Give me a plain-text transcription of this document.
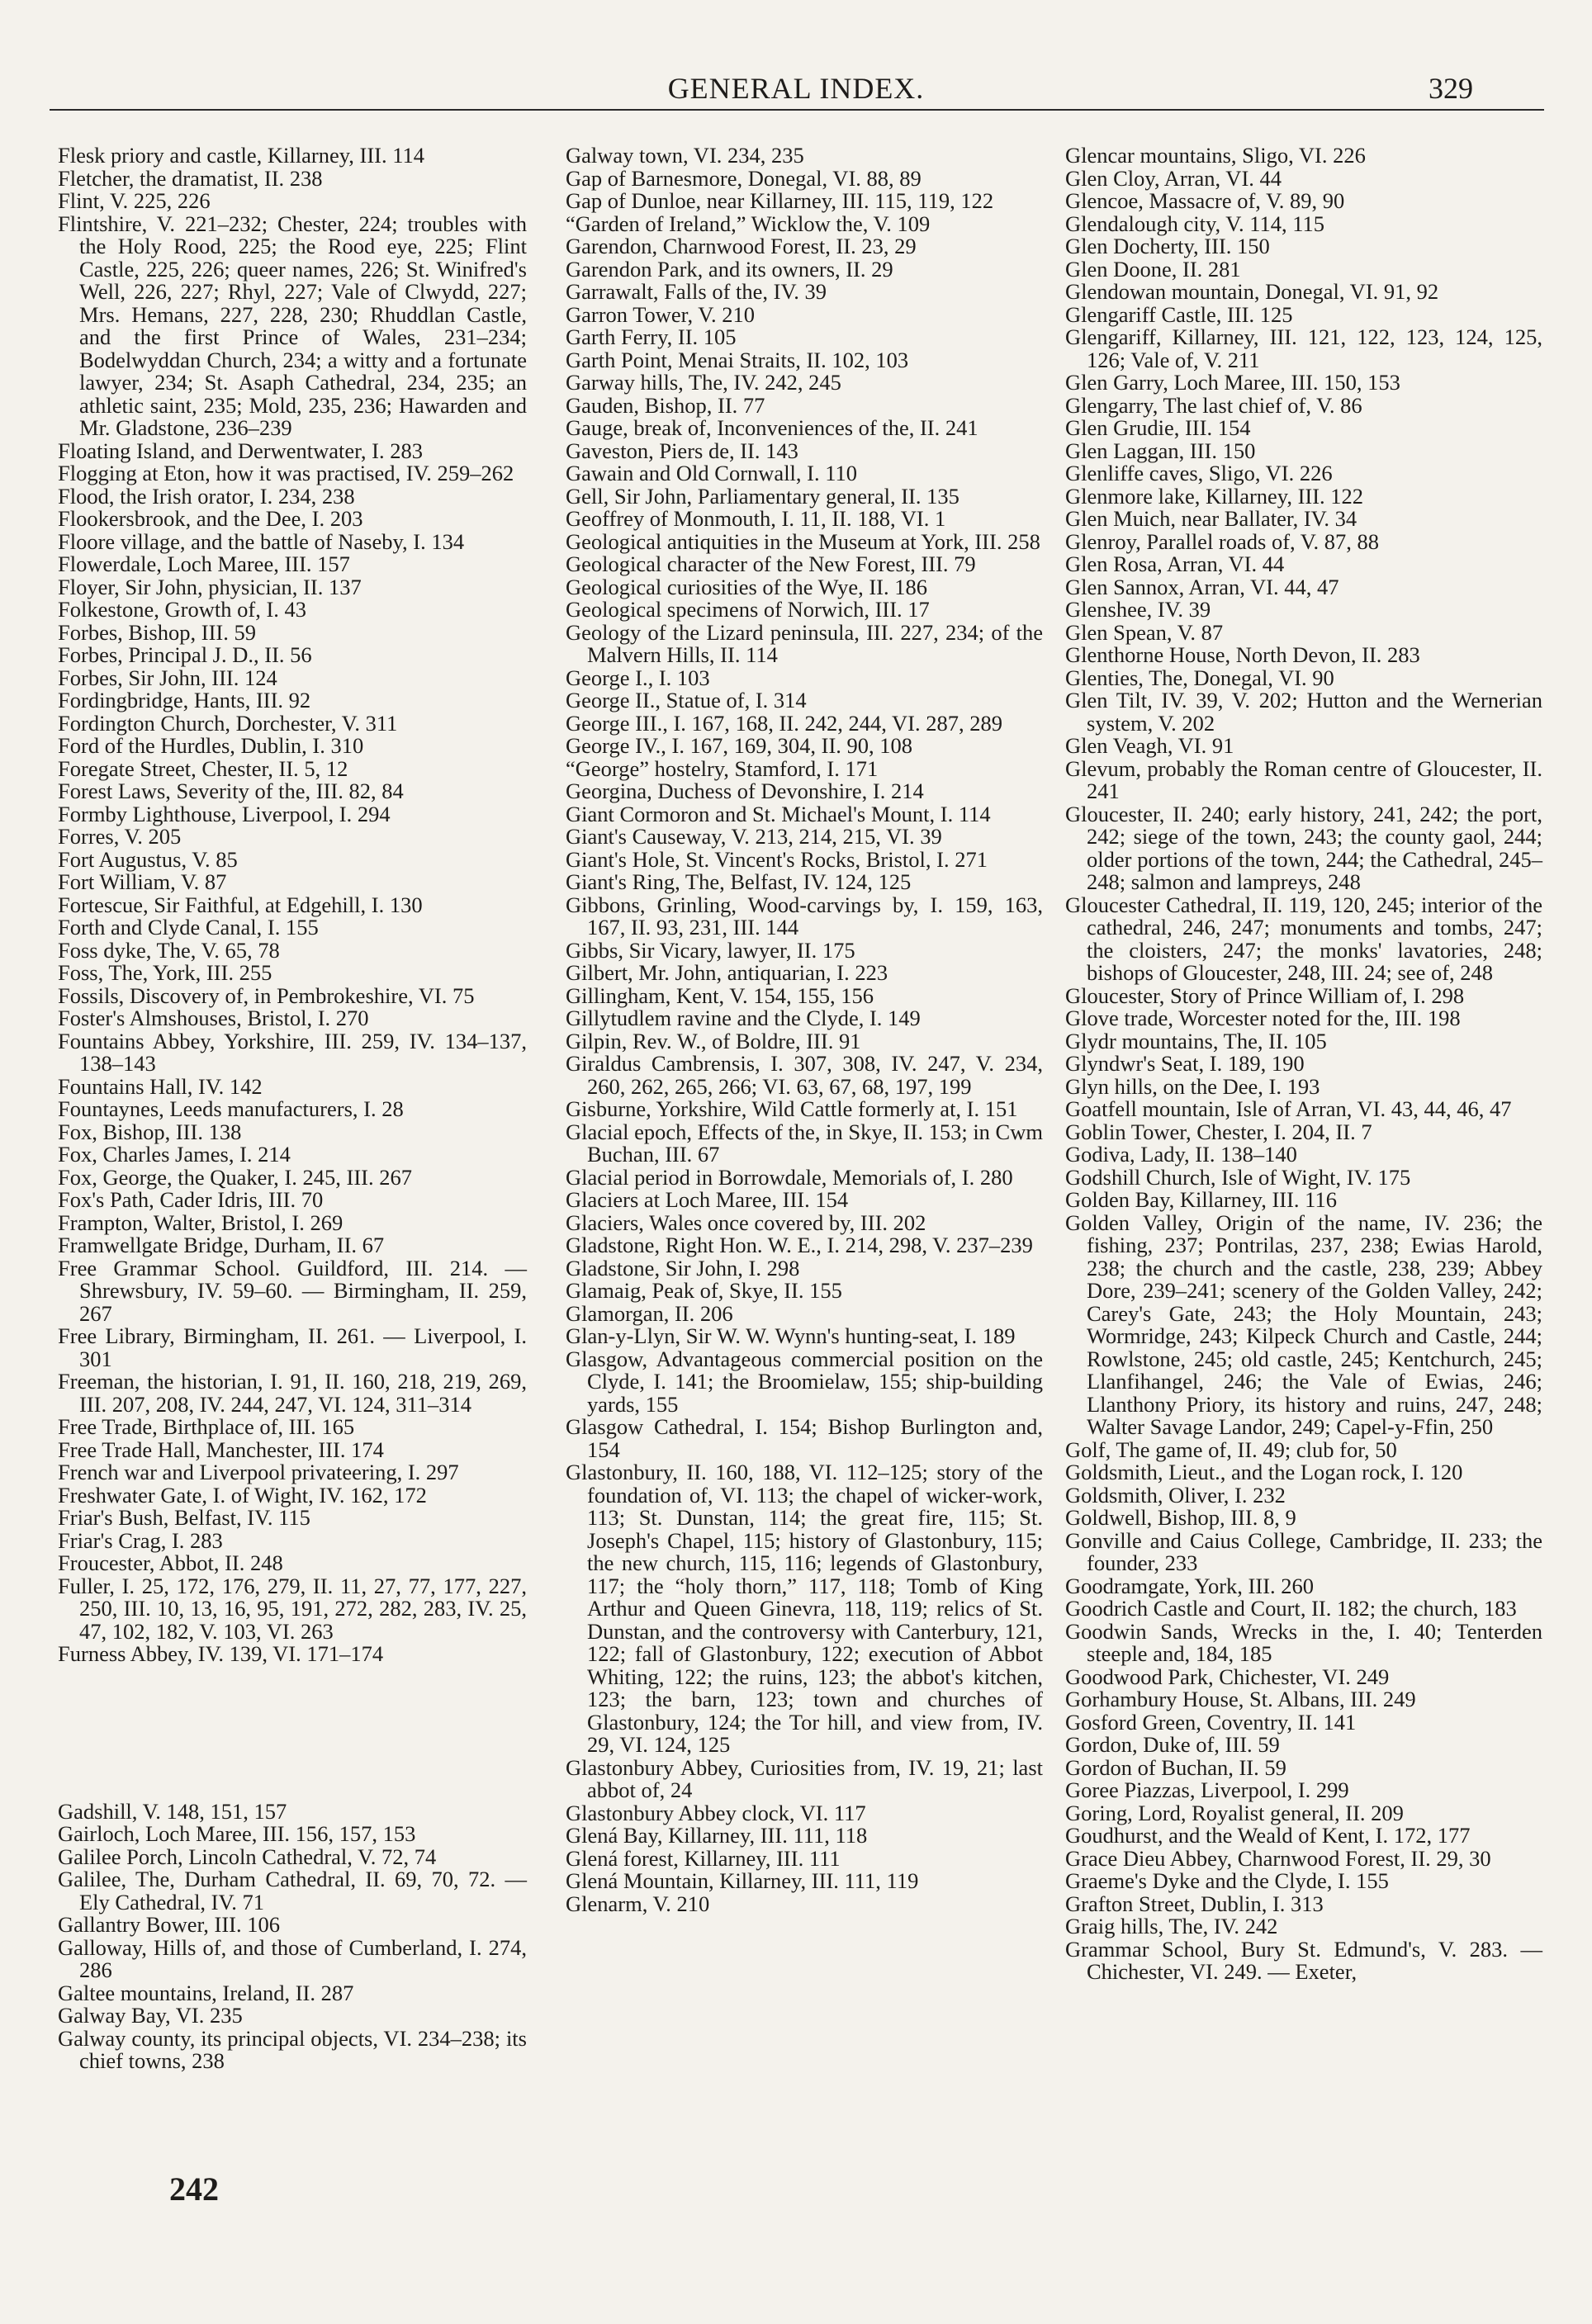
GENERAL INDEX.	329

Flesk priory and castle, Killarney, III. 114

Fletcher, the dramatist, II. 238

Flint, V. 225, 226

Flintshire, V. 221–232; Chester, 224; troubles with the Holy Rood, 225; the Rood eye, 225; Flint Castle, 225, 226; queer names, 226; St. Winifred's Well, 226, 227; Rhyl, 227; Vale of Clwydd, 227; Mrs. Hemans, 227, 228, 230; Rhuddlan Castle, and the first Prince of Wales, 231–234; Bodelwyddan Church, 234; a witty and a fortunate lawyer, 234; St. Asaph Cathedral, 234, 235; an athletic saint, 235; Mold, 235, 236; Hawarden and Mr. Gladstone, 236–239

Floating Island, and Derwentwater, I. 283

Flogging at Eton, how it was practised, IV. 259–262

Flood, the Irish orator, I. 234, 238

Flookersbrook, and the Dee, I. 203

Floore village, and the battle of Naseby, I. 134

Flowerdale, Loch Maree, III. 157

Floyer, Sir John, physician, II. 137

Folkestone, Growth of, I. 43

Forbes, Bishop, III. 59

Forbes, Principal J. D., II. 56

Forbes, Sir John, III. 124

Fordingbridge, Hants, III. 92

Fordington Church, Dorchester, V. 311

Ford of the Hurdles, Dublin, I. 310

Foregate Street, Chester, II. 5, 12

Forest Laws, Severity of the, III. 82, 84

Formby Lighthouse, Liverpool, I. 294

Forres, V. 205

Fort Augustus, V. 85

Fort William, V. 87

Fortescue, Sir Faithful, at Edgehill, I. 130

Forth and Clyde Canal, I. 155

Foss dyke, The, V. 65, 78

Foss, The, York, III. 255

Fossils, Discovery of, in Pembrokeshire, VI. 75

Foster's Almshouses, Bristol, I. 270

Fountains Abbey, Yorkshire, III. 259, IV. 134–137, 138–143

Fountains Hall, IV. 142

Fountaynes, Leeds manufacturers, I. 28

Fox, Bishop, III. 138

Fox, Charles James, I. 214

Fox, George, the Quaker, I. 245, III. 267

Fox's Path, Cader Idris, III. 70

Frampton, Walter, Bristol, I. 269

Framwellgate Bridge, Durham, II. 67

Free Grammar School. Guildford, III. 214. — Shrewsbury, IV. 59–60. — Birmingham, II. 259, 267

Free Library, Birmingham, II. 261. — Liverpool, I. 301

Freeman, the historian, I. 91, II. 160, 218, 219, 269, III. 207, 208, IV. 244, 247, VI. 124, 311–314

Free Trade, Birthplace of, III. 165

Free Trade Hall, Manchester, III. 174

French war and Liverpool privateering, I. 297

Freshwater Gate, I. of Wight, IV. 162, 172

Friar's Bush, Belfast, IV. 115

Friar's Crag, I. 283

Froucester, Abbot, II. 248

Fuller, I. 25, 172, 176, 279, II. 11, 27, 77, 177, 227, 250, III. 10, 13, 16, 95, 191, 272, 282, 283, IV. 25, 47, 102, 182, V. 103, VI. 263

Furness Abbey, IV. 139, VI. 171–174

Gadshill, V. 148, 151, 157

Gairloch, Loch Maree, III. 156, 157, 153

Galilee Porch, Lincoln Cathedral, V. 72, 74

Galilee, The, Durham Cathedral, II. 69, 70, 72. — Ely Cathedral, IV. 71

Gallantry Bower, III. 106

Galloway, Hills of, and those of Cumberland, I. 274, 286

Galtee mountains, Ireland, II. 287

Galway Bay, VI. 235

Galway county, its principal objects, VI. 234–238; its chief towns, 238

Galway town, VI. 234, 235

Gap of Barnesmore, Donegal, VI. 88, 89

Gap of Dunloe, near Killarney, III. 115, 119, 122

“Garden of Ireland,” Wicklow the, V. 109

Garendon, Charnwood Forest, II. 23, 29

Garendon Park, and its owners, II. 29

Garrawalt, Falls of the, IV. 39

Garron Tower, V. 210

Garth Ferry, II. 105

Garth Point, Menai Straits, II. 102, 103

Garway hills, The, IV. 242, 245

Gauden, Bishop, II. 77

Gauge, break of, Inconveniences of the, II. 241

Gaveston, Piers de, II. 143

Gawain and Old Cornwall, I. 110

Gell, Sir John, Parliamentary general, II. 135

Geoffrey of Monmouth, I. 11, II. 188, VI. 1

Geological antiquities in the Museum at York, III. 258

Geological character of the New Forest, III. 79

Geological curiosities of the Wye, II. 186

Geological specimens of Norwich, III. 17

Geology of the Lizard peninsula, III. 227, 234; of the Malvern Hills, II. 114

George I., I. 103

George II., Statue of, I. 314

George III., I. 167, 168, II. 242, 244, VI. 287, 289

George IV., I. 167, 169, 304, II. 90, 108

“George” hostelry, Stamford, I. 171

Georgina, Duchess of Devonshire, I. 214

Giant Cormoron and St. Michael's Mount, I. 114

Giant's Causeway, V. 213, 214, 215, VI. 39

Giant's Hole, St. Vincent's Rocks, Bristol, I. 271

Giant's Ring, The, Belfast, IV. 124, 125

Gibbons, Grinling, Wood-carvings by, I. 159, 163, 167, II. 93, 231, III. 144

Gibbs, Sir Vicary, lawyer, II. 175

Gilbert, Mr. John, antiquarian, I. 223

Gillingham, Kent, V. 154, 155, 156

Gillytudlem ravine and the Clyde, I. 149

Gilpin, Rev. W., of Boldre, III. 91

Giraldus Cambrensis, I. 307, 308, IV. 247, V. 234, 260, 262, 265, 266; VI. 63, 67, 68, 197, 199

Gisburne, Yorkshire, Wild Cattle formerly at, I. 151

Glacial epoch, Effects of the, in Skye, II. 153; in Cwm Buchan, III. 67

Glacial period in Borrowdale, Memorials of, I. 280

Glaciers at Loch Maree, III. 154

Glaciers, Wales once covered by, III. 202

Gladstone, Right Hon. W. E., I. 214, 298, V. 237–239

Gladstone, Sir John, I. 298

Glamaig, Peak of, Skye, II. 155

Glamorgan, II. 206

Glan-y-Llyn, Sir W. W. Wynn's hunting-seat, I. 189

Glasgow, Advantageous commercial position on the Clyde, I. 141; the Broomielaw, 155; ship-building yards, 155

Glasgow Cathedral, I. 154; Bishop Burlington and, 154

Glastonbury, II. 160, 188, VI. 112–125; story of the foundation of, VI. 113; the chapel of wicker-work, 113; St. Dunstan, 114; the great fire, 115; St. Joseph's Chapel, 115; history of Glastonbury, 115; the new church, 115, 116; legends of Glastonbury, 117; the “holy thorn,” 117, 118; Tomb of King Arthur and Queen Ginevra, 118, 119; relics of St. Dunstan, and the controversy with Canterbury, 121, 122; fall of Glastonbury, 122; execution of Abbot Whiting, 122; the ruins, 123; the abbot's kitchen, 123; the barn, 123; town and churches of Glastonbury, 124; the Tor hill, and view from, IV. 29, VI. 124, 125

Glastonbury Abbey, Curiosities from, IV. 19, 21; last abbot of, 24

Glastonbury Abbey clock, VI. 117

Glená Bay, Killarney, III. 111, 118

Glená forest, Killarney, III. 111

Glená Mountain, Killarney, III. 111, 119

Glenarm, V. 210

Glencar mountains, Sligo, VI. 226

Glen Cloy, Arran, VI. 44

Glencoe, Massacre of, V. 89, 90

Glendalough city, V. 114, 115

Glen Docherty, III. 150

Glen Doone, II. 281

Glendowan mountain, Donegal, VI. 91, 92

Glengariff Castle, III. 125

Glengariff, Killarney, III. 121, 122, 123, 124, 125, 126; Vale of, V. 211

Glen Garry, Loch Maree, III. 150, 153

Glengarry, The last chief of, V. 86

Glen Grudie, III. 154

Glen Laggan, III. 150

Glenliffe caves, Sligo, VI. 226

Glenmore lake, Killarney, III. 122

Glen Muich, near Ballater, IV. 34

Glenroy, Parallel roads of, V. 87, 88

Glen Rosa, Arran, VI. 44

Glen Sannox, Arran, VI. 44, 47

Glenshee, IV. 39

Glen Spean, V. 87

Glenthorne House, North Devon, II. 283

Glenties, The, Donegal, VI. 90

Glen Tilt, IV. 39, V. 202; Hutton and the Wernerian system, V. 202

Glen Veagh, VI. 91

Glevum, probably the Roman centre of Gloucester, II. 241

Gloucester, II. 240; early history, 241, 242; the port, 242; siege of the town, 243; the county gaol, 244; older portions of the town, 244; the Cathedral, 245–248; salmon and lampreys, 248

Gloucester Cathedral, II. 119, 120, 245; interior of the cathedral, 246, 247; monuments and tombs, 247; the cloisters, 247; the monks' lavatories, 248; bishops of Gloucester, 248, III. 24; see of, 248

Gloucester, Story of Prince William of, I. 298

Glove trade, Worcester noted for the, III. 198

Glydr mountains, The, II. 105

Glyndwr's Seat, I. 189, 190

Glyn hills, on the Dee, I. 193

Goatfell mountain, Isle of Arran, VI. 43, 44, 46, 47

Goblin Tower, Chester, I. 204, II. 7

Godiva, Lady, II. 138–140

Godshill Church, Isle of Wight, IV. 175

Golden Bay, Killarney, III. 116

Golden Valley, Origin of the name, IV. 236; the fishing, 237; Pontrilas, 237, 238; Ewias Harold, 238; the church and the castle, 238, 239; Abbey Dore, 239–241; scenery of the Golden Valley, 242; Carey's Gate, 243; the Holy Mountain, 243; Wormridge, 243; Kilpeck Church and Castle, 244; Rowlstone, 245; old castle, 245; Kentchurch, 245; Llanfihangel, 246; the Vale of Ewias, 246; Llanthony Priory, its history and ruins, 247, 248; Walter Savage Landor, 249; Capel-y-Ffin, 250

Golf, The game of, II. 49; club for, 50

Goldsmith, Lieut., and the Logan rock, I. 120

Goldsmith, Oliver, I. 232

Goldwell, Bishop, III. 8, 9

Gonville and Caius College, Cambridge, II. 233; the founder, 233

Goodramgate, York, III. 260

Goodrich Castle and Court, II. 182; the church, 183

Goodwin Sands, Wrecks in the, I. 40; Tenterden steeple and, 184, 185

Goodwood Park, Chichester, VI. 249

Gorhambury House, St. Albans, III. 249

Gosford Green, Coventry, II. 141

Gordon, Duke of, III. 59

Gordon of Buchan, II. 59

Goree Piazzas, Liverpool, I. 299

Goring, Lord, Royalist general, II. 209

Goudhurst, and the Weald of Kent, I. 172, 177

Grace Dieu Abbey, Charnwood Forest, II. 29, 30

Graeme's Dyke and the Clyde, I. 155

Grafton Street, Dublin, I. 313

Graig hills, The, IV. 242

Grammar School, Bury St. Edmund's, V. 283. — Chichester, VI. 249. — Exeter,

242
